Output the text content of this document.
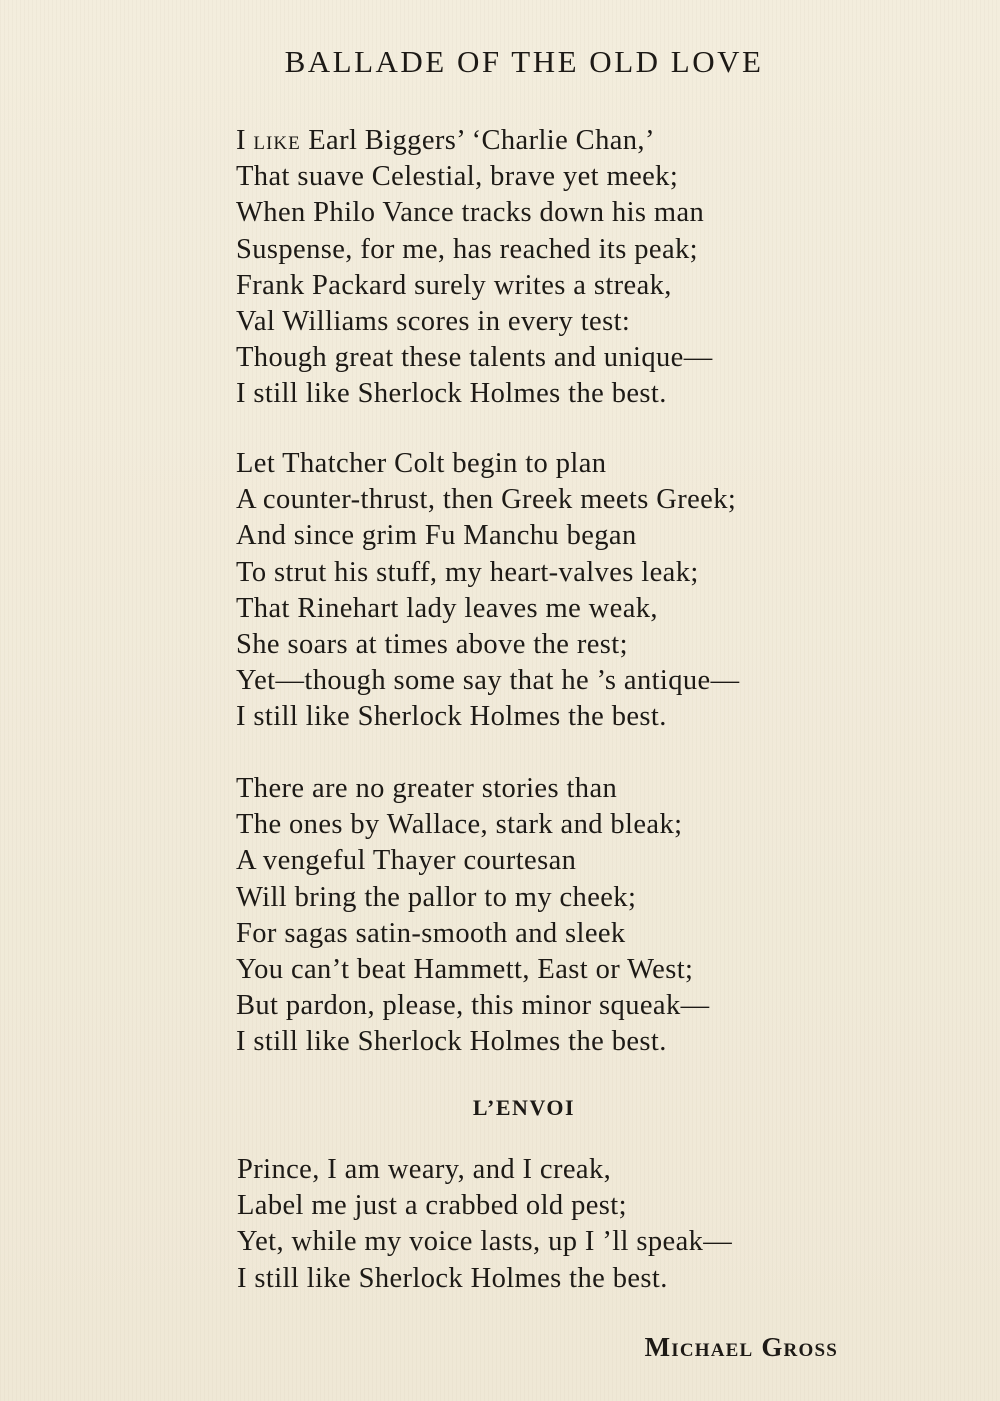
BALLADE OF THE OLD LOVE
I like Earl Biggers’ ‘Charlie Chan,’
That suave Celestial, brave yet meek;
When Philo Vance tracks down his man
Suspense, for me, has reached its peak;
Frank Packard surely writes a streak,
Val Williams scores in every test:
Though great these talents and unique—
I still like Sherlock Holmes the best.
Let Thatcher Colt begin to plan
A counter-thrust, then Greek meets Greek;
And since grim Fu Manchu began
To strut his stuff, my heart-valves leak;
That Rinehart lady leaves me weak,
She soars at times above the rest;
Yet—though some say that he ’s antique—
I still like Sherlock Holmes the best.
There are no greater stories than
The ones by Wallace, stark and bleak;
A vengeful Thayer courtesan
Will bring the pallor to my cheek;
For sagas satin-smooth and sleek
You can’t beat Hammett, East or West;
But pardon, please, this minor squeak—
I still like Sherlock Holmes the best.
L’ENVOI
Prince, I am weary, and I creak,
Label me just a crabbed old pest;
Yet, while my voice lasts, up I ’ll speak—
I still like Sherlock Holmes the best.
Michael Gross
